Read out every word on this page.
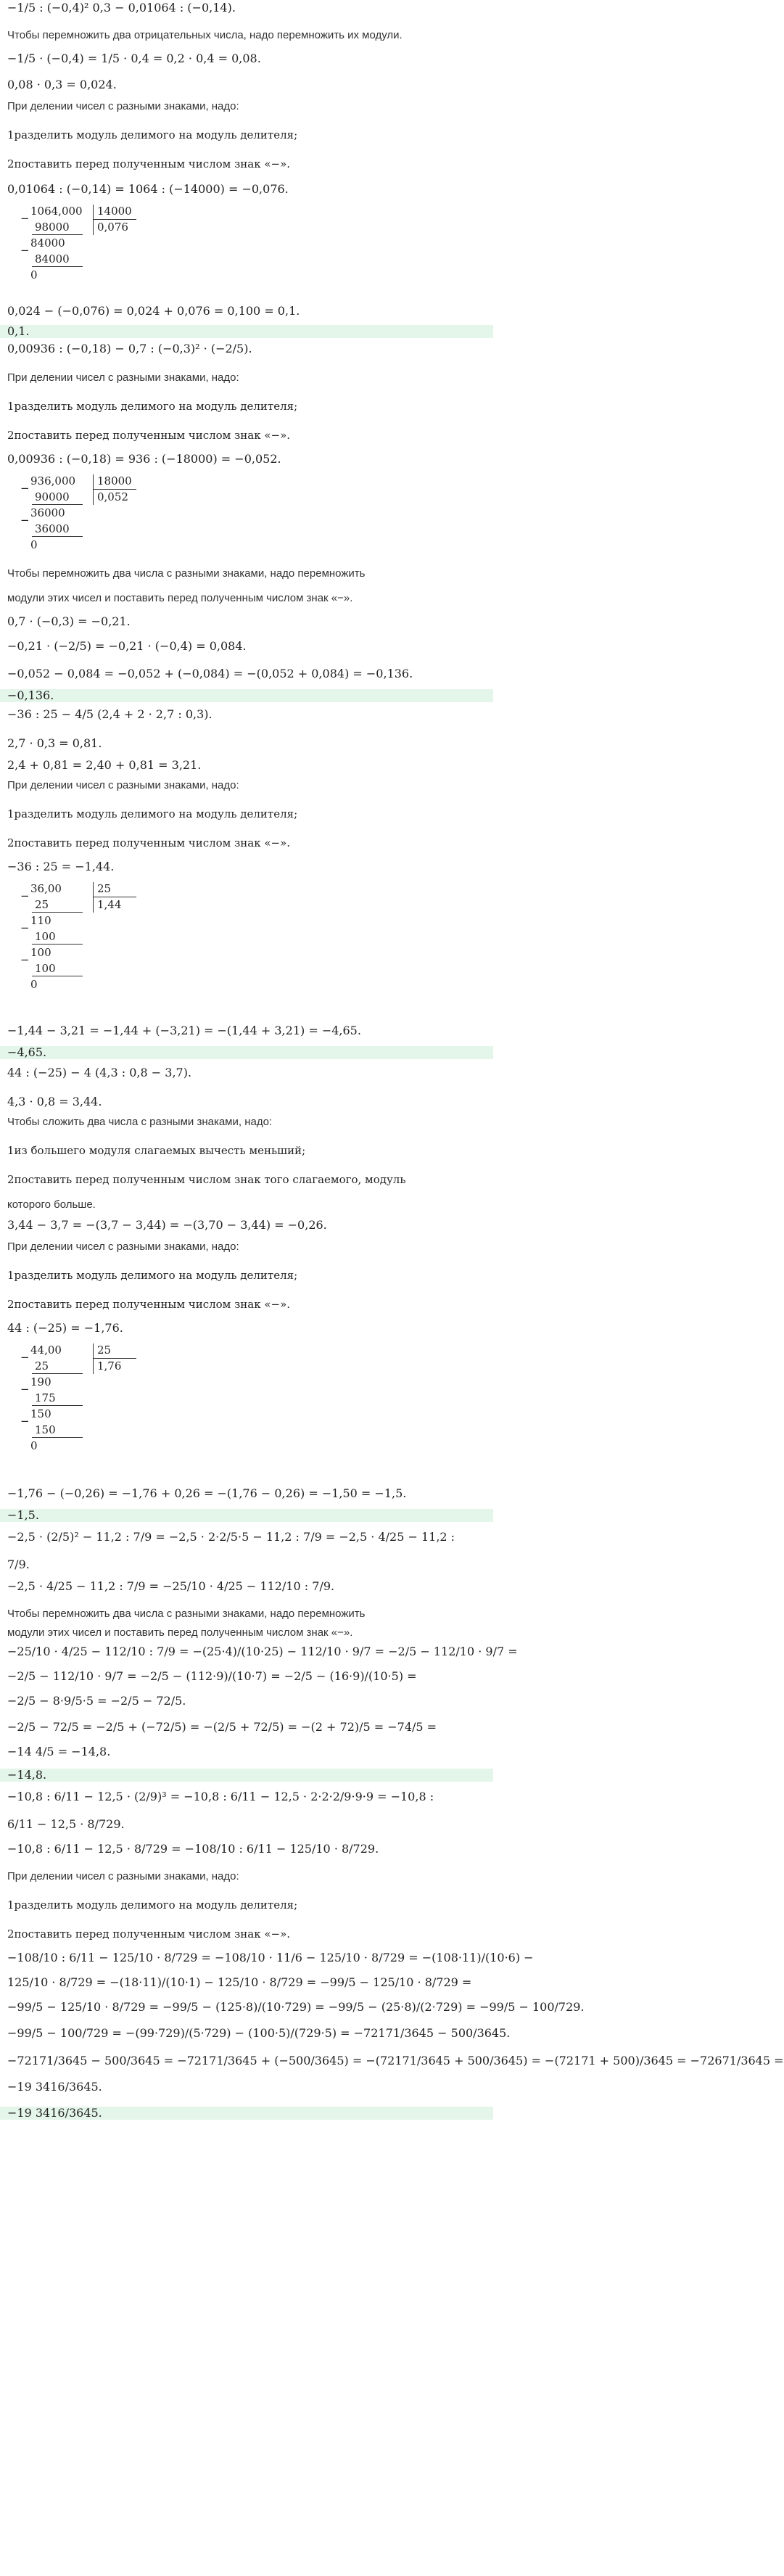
−1/5 : (−0,4)² 0,3 − 0,01064 : (−0,14).
Чтобы перемножить два отрицательных числа, надо перемножить их модули.
−1/5 · (−0,4) = 1/5 · 0,4 = 0,2 · 0,4 = 0,08.
0,08 · 0,3 = 0,024.
При делении чисел с разными знаками, надо:
1разделить модуль делимого на модуль делителя;
2поставить перед полученным числом знак «−».
0,01064 : (−0,14) = 1064 : (−14000) = −0,076.
0,024 − (−0,076) = 0,024 + 0,076 = 0,100 = 0,1.
0,1.
0,00936 : (−0,18) − 0,7 : (−0,3)² · (−2/5).
При делении чисел с разными знаками, надо:
1разделить модуль делимого на модуль делителя;
2поставить перед полученным числом знак «−».
0,00936 : (−0,18) = 936 : (−18000) = −0,052.
Чтобы перемножить два числа с разными знаками, надо перемножить
модули этих чисел и поставить перед полученным числом знак «−».
0,7 · (−0,3) = −0,21.
−0,21 · (−2/5) = −0,21 · (−0,4) = 0,084.
−0,052 − 0,084 = −0,052 + (−0,084) = −(0,052 + 0,084) = −0,136.
−0,136.
−36 : 25 − 4/5 (2,4 + 2 · 2,7 : 0,3).
2,7 · 0,3 = 0,81.
2,4 + 0,81 = 2,40 + 0,81 = 3,21.
При делении чисел с разными знаками, надо:
1разделить модуль делимого на модуль делителя;
2поставить перед полученным числом знак «−».
−36 : 25 = −1,44.
−1,44 − 3,21 = −1,44 + (−3,21) = −(1,44 + 3,21) = −4,65.
−4,65.
44 : (−25) − 4 (4,3 : 0,8 − 3,7).
4,3 · 0,8 = 3,44.
Чтобы сложить два числа с разными знаками, надо:
1из большего модуля слагаемых вычесть меньший;
2поставить перед полученным числом знак того слагаемого, модуль
которого больше.
3,44 − 3,7 = −(3,7 − 3,44) = −(3,70 − 3,44) = −0,26.
При делении чисел с разными знаками, надо:
1разделить модуль делимого на модуль делителя;
2поставить перед полученным числом знак «−».
44 : (−25) = −1,76.
−1,76 − (−0,26) = −1,76 + 0,26 = −(1,76 − 0,26) = −1,50 = −1,5.
−1,5.
−2,5 · (2/5)² − 11,2 : 7/9 = −2,5 · 2·2/5·5 − 11,2 : 7/9 = −2,5 · 4/25 − 11,2 :
7/9.
−2,5 · 4/25 − 11,2 : 7/9 = −25/10 · 4/25 − 112/10 : 7/9.
Чтобы перемножить два числа с разными знаками, надо перемножить
модули этих чисел и поставить перед полученным числом знак «−».
−25/10 · 4/25 − 112/10 : 7/9 = −(25·4)/(10·25) − 112/10 · 9/7 = −2/5 − 112/10 · 9/7 =
−2/5 − 112/10 · 9/7 = −2/5 − (112·9)/(10·7) = −2/5 − (16·9)/(10·5) =
−2/5 − 8·9/5·5 = −2/5 − 72/5.
−2/5 − 72/5 = −2/5 + (−72/5) = −(2/5 + 72/5) = −(2 + 72)/5 = −74/5 =
−14 4/5 = −14,8.
−14,8.
−10,8 : 6/11 − 12,5 · (2/9)³ = −10,8 : 6/11 − 12,5 · 2·2·2/9·9·9 = −10,8 :
6/11 − 12,5 · 8/729.
−10,8 : 6/11 − 12,5 · 8/729 = −108/10 : 6/11 − 125/10 · 8/729.
При делении чисел с разными знаками, надо:
1разделить модуль делимого на модуль делителя;
2поставить перед полученным числом знак «−».
−108/10 : 6/11 − 125/10 · 8/729 = −108/10 · 11/6 − 125/10 · 8/729 = −(108·11)/(10·6) −
125/10 · 8/729 = −(18·11)/(10·1) − 125/10 · 8/729 = −99/5 − 125/10 · 8/729 =
−99/5 − 125/10 · 8/729 = −99/5 − (125·8)/(10·729) = −99/5 − (25·8)/(2·729) = −99/5 − 100/729.
−99/5 − 100/729 = −(99·729)/(5·729) − (100·5)/(729·5) = −72171/3645 − 500/3645.
−72171/3645 − 500/3645 = −72171/3645 + (−500/3645) = −(72171/3645 + 500/3645) = −(72171 + 500)/3645 = −72671/3645 =
−19 3416/3645.
−19 3416/3645.
1064,000
−
98000
84000
−
84000
0
14000
0,076
936,000
−
90000
36000
−
36000
0
18000
0,052
36,00
−
25
110
−
100
100
−
100
0
25
1,44
44,00
−
25
190
−
175
150
−
150
0
25
1,76
